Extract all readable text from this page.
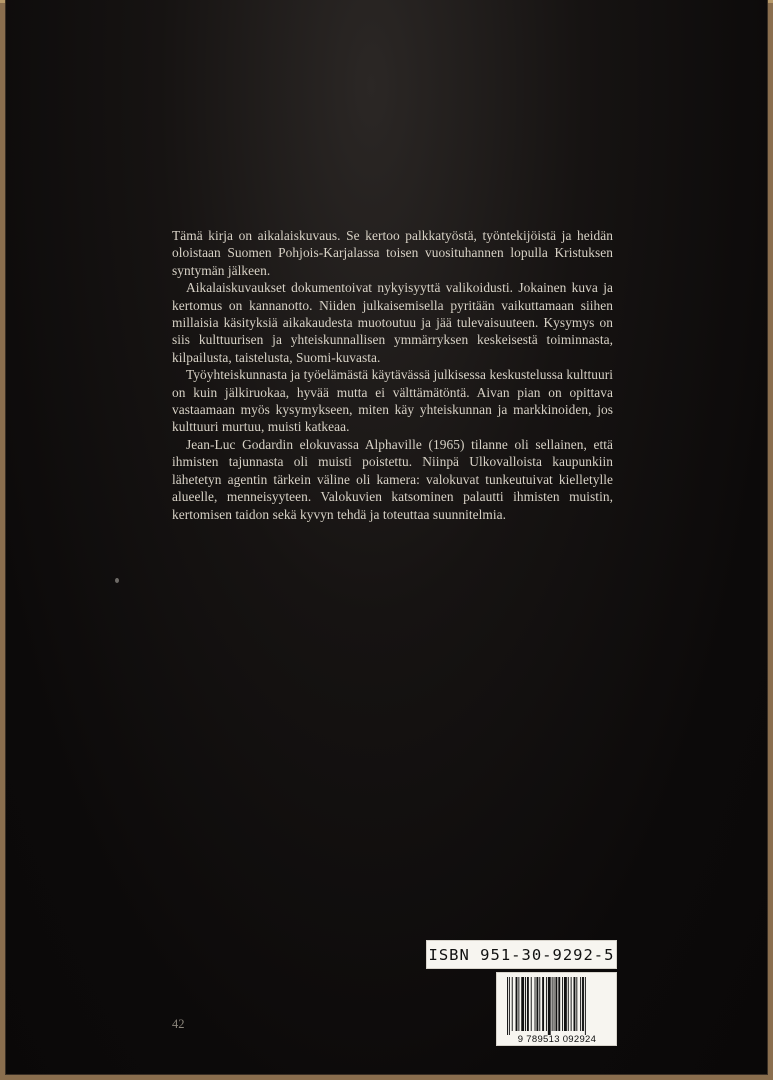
Tämä kirja on aikalaiskuvaus. Se kertoo palkkatyöstä, työntekijöistä ja heidän oloistaan Suomen Pohjois-Karjalassa toisen vuosituhannen lopulla Kristuksen syntymän jälkeen.

Aikalaiskuvaukset dokumentoivat nykyisyyttä valikoidusti. Jokainen kuva ja kertomus on kannanotto. Niiden julkaisemisella pyritään vaikuttamaan siihen millaisia käsityksiä aikakaudesta muotoutuu ja jää tulevaisuuteen. Kysymys on siis kulttuurisen ja yhteiskunnallisen ymmärryksen keskeisestä toiminnasta, kilpailusta, taistelusta, Suomi-kuvasta.

Työyhteiskunnasta ja työelämästä käytävässä julkisessa keskustelussa kulttuuri on kuin jälkiruokaa, hyvää mutta ei välttämätöntä. Aivan pian on opittava vastaamaan myös kysymykseen, miten käy yhteiskunnan ja markkinoiden, jos kulttuuri murtuu, muisti katkeaa.

Jean-Luc Godardin elokuvassa Alphaville (1965) tilanne oli sellainen, että ihmisten tajunnasta oli muisti poistettu. Niinpä Ulkovalloista kaupunkiin lähetetyn agentin tärkein väline oli kamera: valokuvat tunkeutuivat kielletylle alueelle, menneisyyteen. Valokuvien katsominen palautti ihmisten muistin, kertomisen taidon sekä kyvyn tehdä ja toteuttaa suunnitelmia.

42
ISBN 951-30-9292-5
9 789513 092924
